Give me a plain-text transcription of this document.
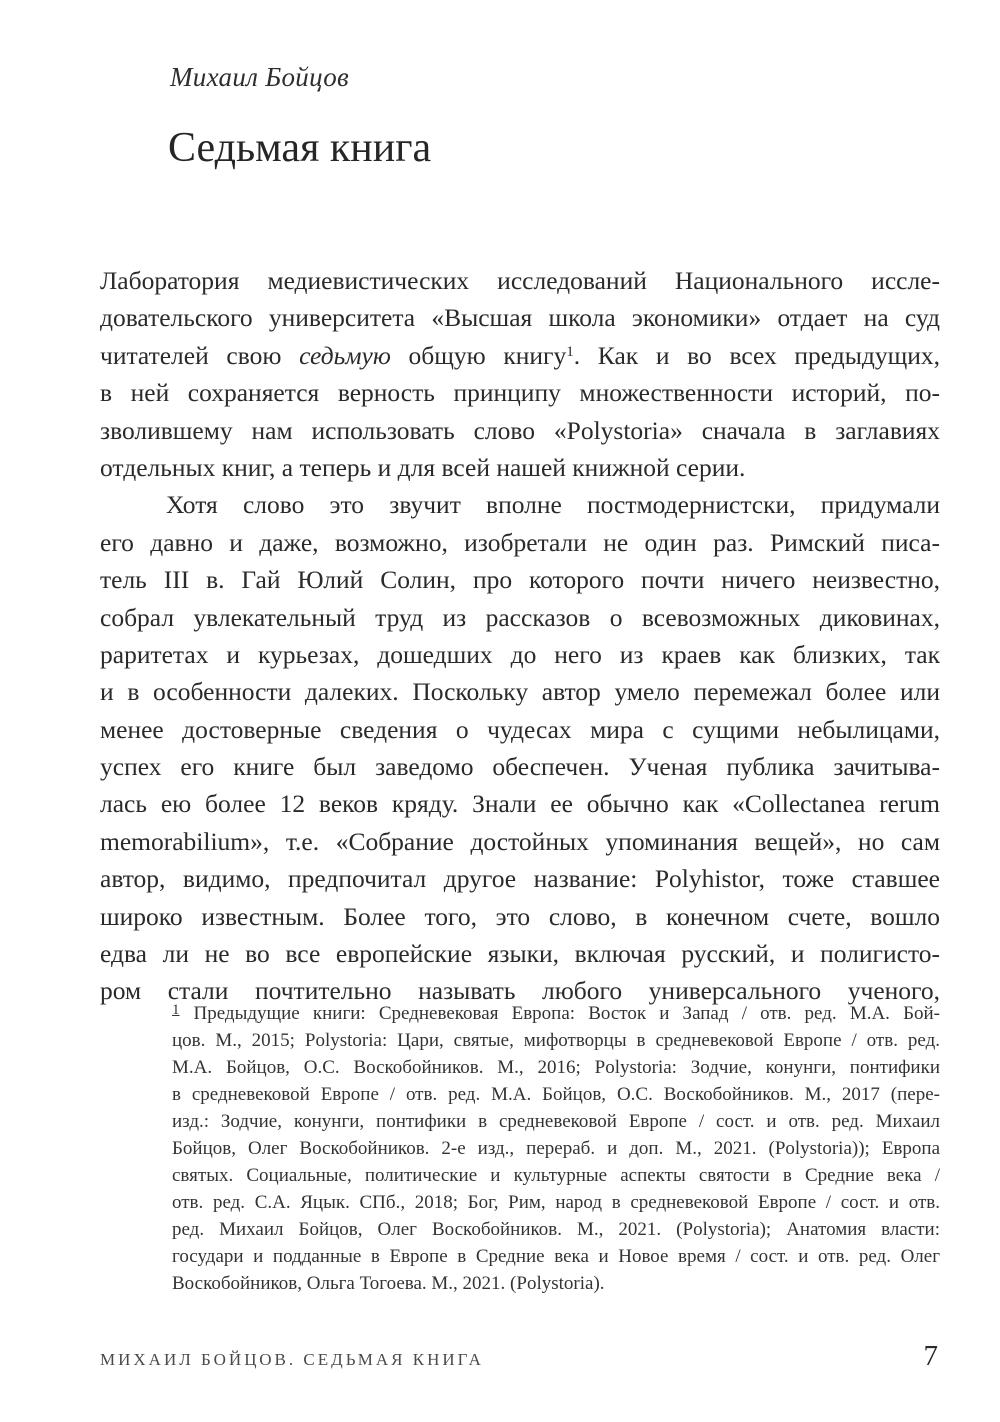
Михаил Бойцов
Седьмая книга
Лаборатория медиевистических исследований Национального иссле-
довательского университета «Высшая школа экономики» отдает на суд
читателей свою седьмую общую книгу$^1$. Как и во всех предыдущих,
в ней сохраняется верность принципу множественности историй, по-
зволившему нам использовать слово «Polystoria» сначала в заглавиях
отдельных книг, а теперь и для всей нашей книжной серии.
Хотя слово это звучит вполне постмодернистски, придумали
его давно и даже, возможно, изобретали не один раз. Римский писа-
тель III в. Гай Юлий Солин, про которого почти ничего неизвестно,
собрал увлекательный труд из рассказов о всевозможных диковинах,
раритетах и курьезах, дошедших до него из краев как близких, так
и в особенности далеких. Поскольку автор умело перемежал более или
менее достоверные сведения о чудесах мира с сущими небылицами,
успех его книге был заведомо обеспечен. Ученая публика зачитыва-
лась ею более 12 веков кряду. Знали ее обычно как «Collectanea rerum
memorabilium», т.е. «Собрание достойных упоминания вещей», но сам
автор, видимо, предпочитал другое название: Polyhistor, тоже ставшее
широко известным. Более того, это слово, в конечном счете, вошло
едва ли не во все европейские языки, включая русский, и полигисто-
ром стали почтительно называть любого универсального ученого,
1 Предыдущие книги: Средневековая Европа: Восток и Запад / отв. ред. М.А. Бой-
цов. М., 2015; Polystoria: Цари, святые, мифотворцы в средневековой Европе / отв. ред.
М.А. Бойцов, О.С. Воскобойников. М., 2016; Polystoria: Зодчие, конунги, понтифики
в средневековой Европе / отв. ред. М.А. Бойцов, О.С. Воскобойников. М., 2017 (пере-
изд.: Зодчие, конунги, понтифики в средневековой Европе / сост. и отв. ред. Михаил
Бойцов, Олег Воскобойников. 2-е изд., перераб. и доп. М., 2021. (Polystoria)); Европа
святых. Социальные, политические и культурные аспекты святости в Средние века /
отв. ред. С.А. Яцык. СПб., 2018; Бог, Рим, народ в средневековой Европе / сост. и отв.
ред. Михаил Бойцов, Олег Воскобойников. М., 2021. (Polystoria); Анатомия власти:
государи и подданные в Европе в Средние века и Новое время / сост. и отв. ред. Олег
Воскобойников, Ольга Тогоева. М., 2021. (Polystoria).
МИХАИЛ БОЙЦОВ. СЕДЬМАЯ КНИГА	7
